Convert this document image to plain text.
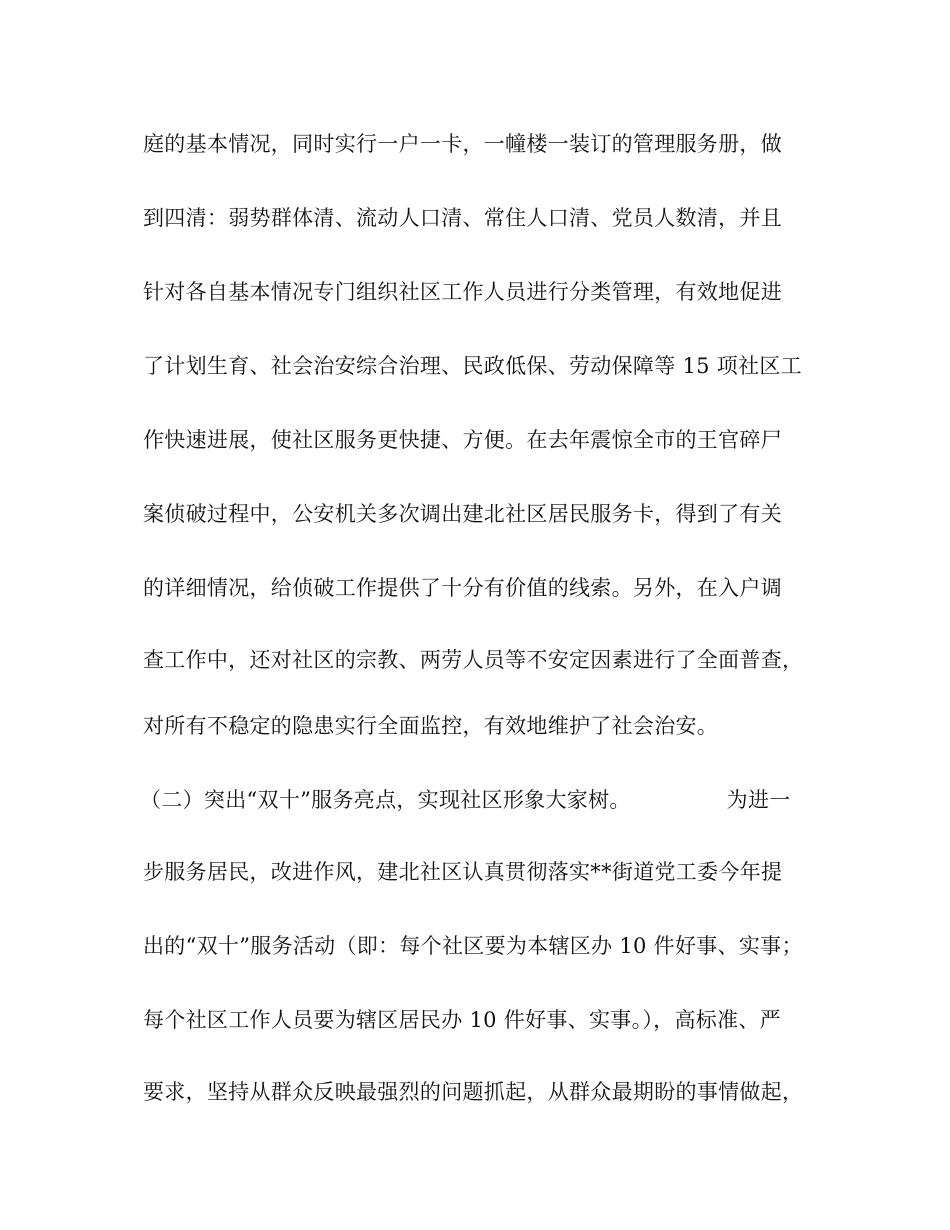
庭的基本情况，同时实行一户一卡，一幢楼一装订的管理服务册，做
到四清：弱势群体清、流动人口清、常住人口清、党员人数清，并且
针对各自基本情况专门组织社区工作人员进行分类管理，有效地促进
了计划生育、社会治安综合治理、民政低保、劳动保障等 15 项社区工
作快速进展，使社区服务更快捷、方便。在去年震惊全市的王官碎尸
案侦破过程中，公安机关多次调出建北社区居民服务卡，得到了有关
的详细情况，给侦破工作提供了十分有价值的线索。另外，在入户调
查工作中，还对社区的宗教、两劳人员等不安定因素进行了全面普查，
对所有不稳定的隐患实行全面监控，有效地维护了社会治安。
（二）突出“双十”服务亮点，实现社区形象大家树。	为进一
步服务居民，改进作风，建北社区认真贯彻落实**街道党工委今年提
出的“双十”服务活动（即：每个社区要为本辖区办 10 件好事、实事；
每个社区工作人员要为辖区居民办 10 件好事、实事。），高标准、严
要求，坚持从群众反映最强烈的问题抓起，从群众最期盼的事情做起，
